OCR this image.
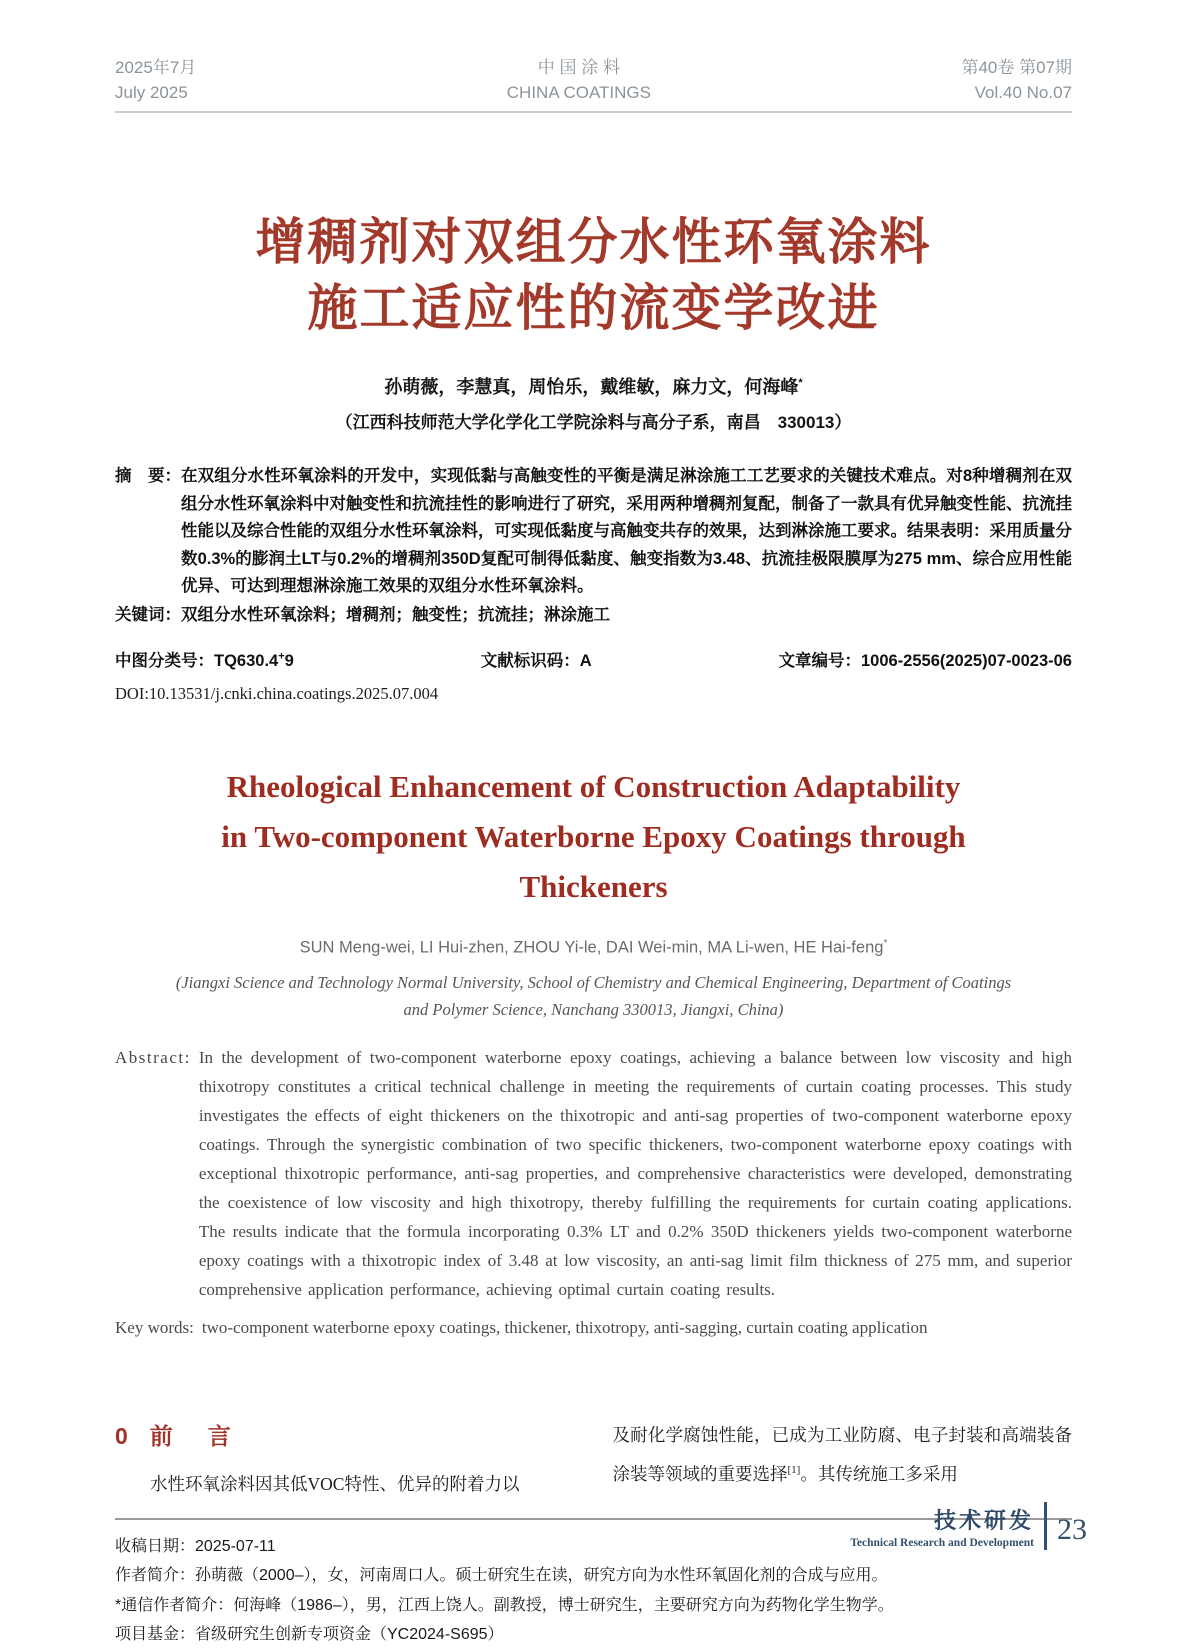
2025年7月
July 2025
中 国 涂 料
CHINA COATINGS
第40卷 第07期
Vol.40 No.07
增稠剂对双组分水性环氧涂料
施工适应性的流变学改进
孙萌薇，李慧真，周怡乐，戴维敏，麻力文，何海峰*
（江西科技师范大学化学化工学院涂料与高分子系，南昌　330013）
摘　要： 在双组分水性环氧涂料的开发中，实现低黏与高触变性的平衡是满足淋涂施工工艺要求的关键技术难点。对8种增稠剂在双组分水性环氧涂料中对触变性和抗流挂性的影响进行了研究，采用两种增稠剂复配，制备了一款具有优异触变性能、抗流挂性能以及综合性能的双组分水性环氧涂料，可实现低黏度与高触变共存的效果，达到淋涂施工要求。结果表明：采用质量分数0.3%的膨润土LT与0.2%的增稠剂350D复配可制得低黏度、触变指数为3.48、抗流挂极限膜厚为275 mm、综合应用性能优异、可达到理想淋涂施工效果的双组分水性环氧涂料。
关键词： 双组分水性环氧涂料；增稠剂；触变性；抗流挂；淋涂施工
中图分类号：TQ630.4+9	文献标识码：A	文章编号：1006-2556(2025)07-0023-06
DOI:10.13531/j.cnki.china.coatings.2025.07.004
Rheological Enhancement of Construction Adaptability
in Two-component Waterborne Epoxy Coatings through
Thickeners
SUN Meng-wei, LI Hui-zhen, ZHOU Yi-le, DAI Wei-min, MA Li-wen, HE Hai-feng*
(Jiangxi Science and Technology Normal University, School of Chemistry and Chemical Engineering, Department of Coatings
and Polymer Science, Nanchang 330013, Jiangxi, China)
Abstract: In the development of two-component waterborne epoxy coatings, achieving a balance between low viscosity and high thixotropy constitutes a critical technical challenge in meeting the requirements of curtain coating processes. This study investigates the effects of eight thickeners on the thixotropic and anti-sag properties of two-component waterborne epoxy coatings. Through the synergistic combination of two specific thickeners, two-component waterborne epoxy coatings with exceptional thixotropic performance, anti-sag properties, and comprehensive characteristics were developed, demonstrating the coexistence of low viscosity and high thixotropy, thereby fulfilling the requirements for curtain coating applications. The results indicate that the formula incorporating 0.3% LT and 0.2% 350D thickeners yields two-component waterborne epoxy coatings with a thixotropic index of 3.48 at low viscosity, an anti-sag limit film thickness of 275 mm, and superior comprehensive application performance, achieving optimal curtain coating results.
Key words: two-component waterborne epoxy coatings, thickener, thixotropy, anti-sagging, curtain coating application
0 前　言
水性环氧涂料因其低VOC特性、优异的附着力以
及耐化学腐蚀性能，已成为工业防腐、电子封装和高端装备涂装等领域的重要选择[1]。其传统施工多采用
收稿日期：2025-07-11
作者简介：孙萌薇（2000–），女，河南周口人。硕士研究生在读，研究方向为水性环氧固化剂的合成与应用。
*通信作者简介：何海峰（1986–），男，江西上饶人。副教授，博士研究生，主要研究方向为药物化学生物学。
项目基金：省级研究生创新专项资金（YC2024-S695）
技术研发
Technical Research and Development 23
